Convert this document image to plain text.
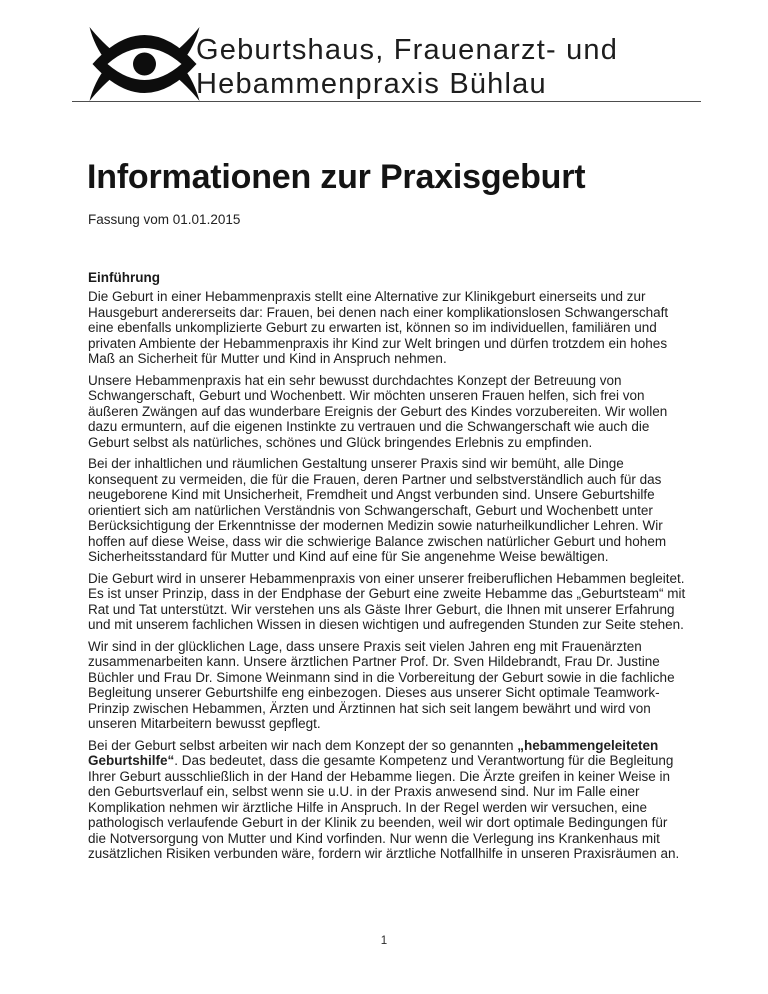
Geburtshaus, Frauenarzt- und
Hebammenpraxis Bühlau
Informationen zur Praxisgeburt
Fassung vom 01.01.2015
Einführung

Die Geburt in einer Hebammenpraxis stellt eine Alternative zur Klinikgeburt einerseits und zur Hausgeburt andererseits dar: Frauen, bei denen nach einer komplikationslosen Schwangerschaft eine ebenfalls unkomplizierte Geburt zu erwarten ist, können so im individuellen, familiären und privaten Ambiente der Hebammenpraxis ihr Kind zur Welt bringen und dürfen trotzdem ein hohes Maß an Sicherheit für Mutter und Kind in Anspruch nehmen.

Unsere Hebammenpraxis hat ein sehr bewusst durchdachtes Konzept der Betreuung von Schwangerschaft, Geburt und Wochenbett. Wir möchten unseren Frauen helfen, sich frei von äußeren Zwängen auf das wunderbare Ereignis der Geburt des Kindes vorzubereiten. Wir wollen dazu ermuntern, auf die eigenen Instinkte zu vertrauen und die Schwangerschaft wie auch die Geburt selbst als natürliches, schönes und Glück bringendes Erlebnis zu empfinden.

Bei der inhaltlichen und räumlichen Gestaltung unserer Praxis sind wir bemüht, alle Dinge konsequent zu vermeiden, die für die Frauen, deren Partner und selbstverständlich auch für das neugeborene Kind mit Unsicherheit, Fremdheit und Angst verbunden sind. Unsere Geburtshilfe orientiert sich am natürlichen Verständnis von Schwangerschaft, Geburt und Wochenbett unter Berücksichtigung der Erkenntnisse der modernen Medizin sowie naturheilkundlicher Lehren. Wir hoffen auf diese Weise, dass wir die schwierige Balance zwischen natürlicher Geburt und hohem Sicherheitsstandard für Mutter und Kind auf eine für Sie angenehme Weise bewältigen.

Die Geburt wird in unserer Hebammenpraxis von einer unserer freiberuflichen Hebammen begleitet. Es ist unser Prinzip, dass in der Endphase der Geburt eine zweite Hebamme das „Geburtsteam“ mit Rat und Tat unterstützt. Wir verstehen uns als Gäste Ihrer Geburt, die Ihnen mit unserer Erfahrung und mit unserem fachlichen Wissen in diesen wichtigen und aufregenden Stunden zur Seite stehen.

Wir sind in der glücklichen Lage, dass unsere Praxis seit vielen Jahren eng mit Frauenärzten zusammenarbeiten kann. Unsere ärztlichen Partner Prof. Dr. Sven Hildebrandt, Frau Dr. Justine Büchler und Frau Dr. Simone Weinmann sind in die Vorbereitung der Geburt sowie in die fachliche Begleitung unserer Geburtshilfe eng einbezogen. Dieses aus unserer Sicht optimale Teamwork-Prinzip zwischen Hebammen, Ärzten und Ärztinnen hat sich seit langem bewährt und wird von unseren Mitarbeitern bewusst gepflegt.

Bei der Geburt selbst arbeiten wir nach dem Konzept der so genannten „hebammengeleiteten Geburtshilfe“. Das bedeutet, dass die gesamte Kompetenz und Verantwortung für die Begleitung Ihrer Geburt ausschließlich in der Hand der Hebamme liegen. Die Ärzte greifen in keiner Weise in den Geburtsverlauf ein, selbst wenn sie u.U. in der Praxis anwesend sind. Nur im Falle einer Komplikation nehmen wir ärztliche Hilfe in Anspruch. In der Regel werden wir versuchen, eine pathologisch verlaufende Geburt in der Klinik zu beenden, weil wir dort optimale Bedingungen für die Notversorgung von Mutter und Kind vorfinden. Nur wenn die Verlegung ins Krankenhaus mit zusätzlichen Risiken verbunden wäre, fordern wir ärztliche Notfallhilfe in unseren Praxisräumen an.

1
